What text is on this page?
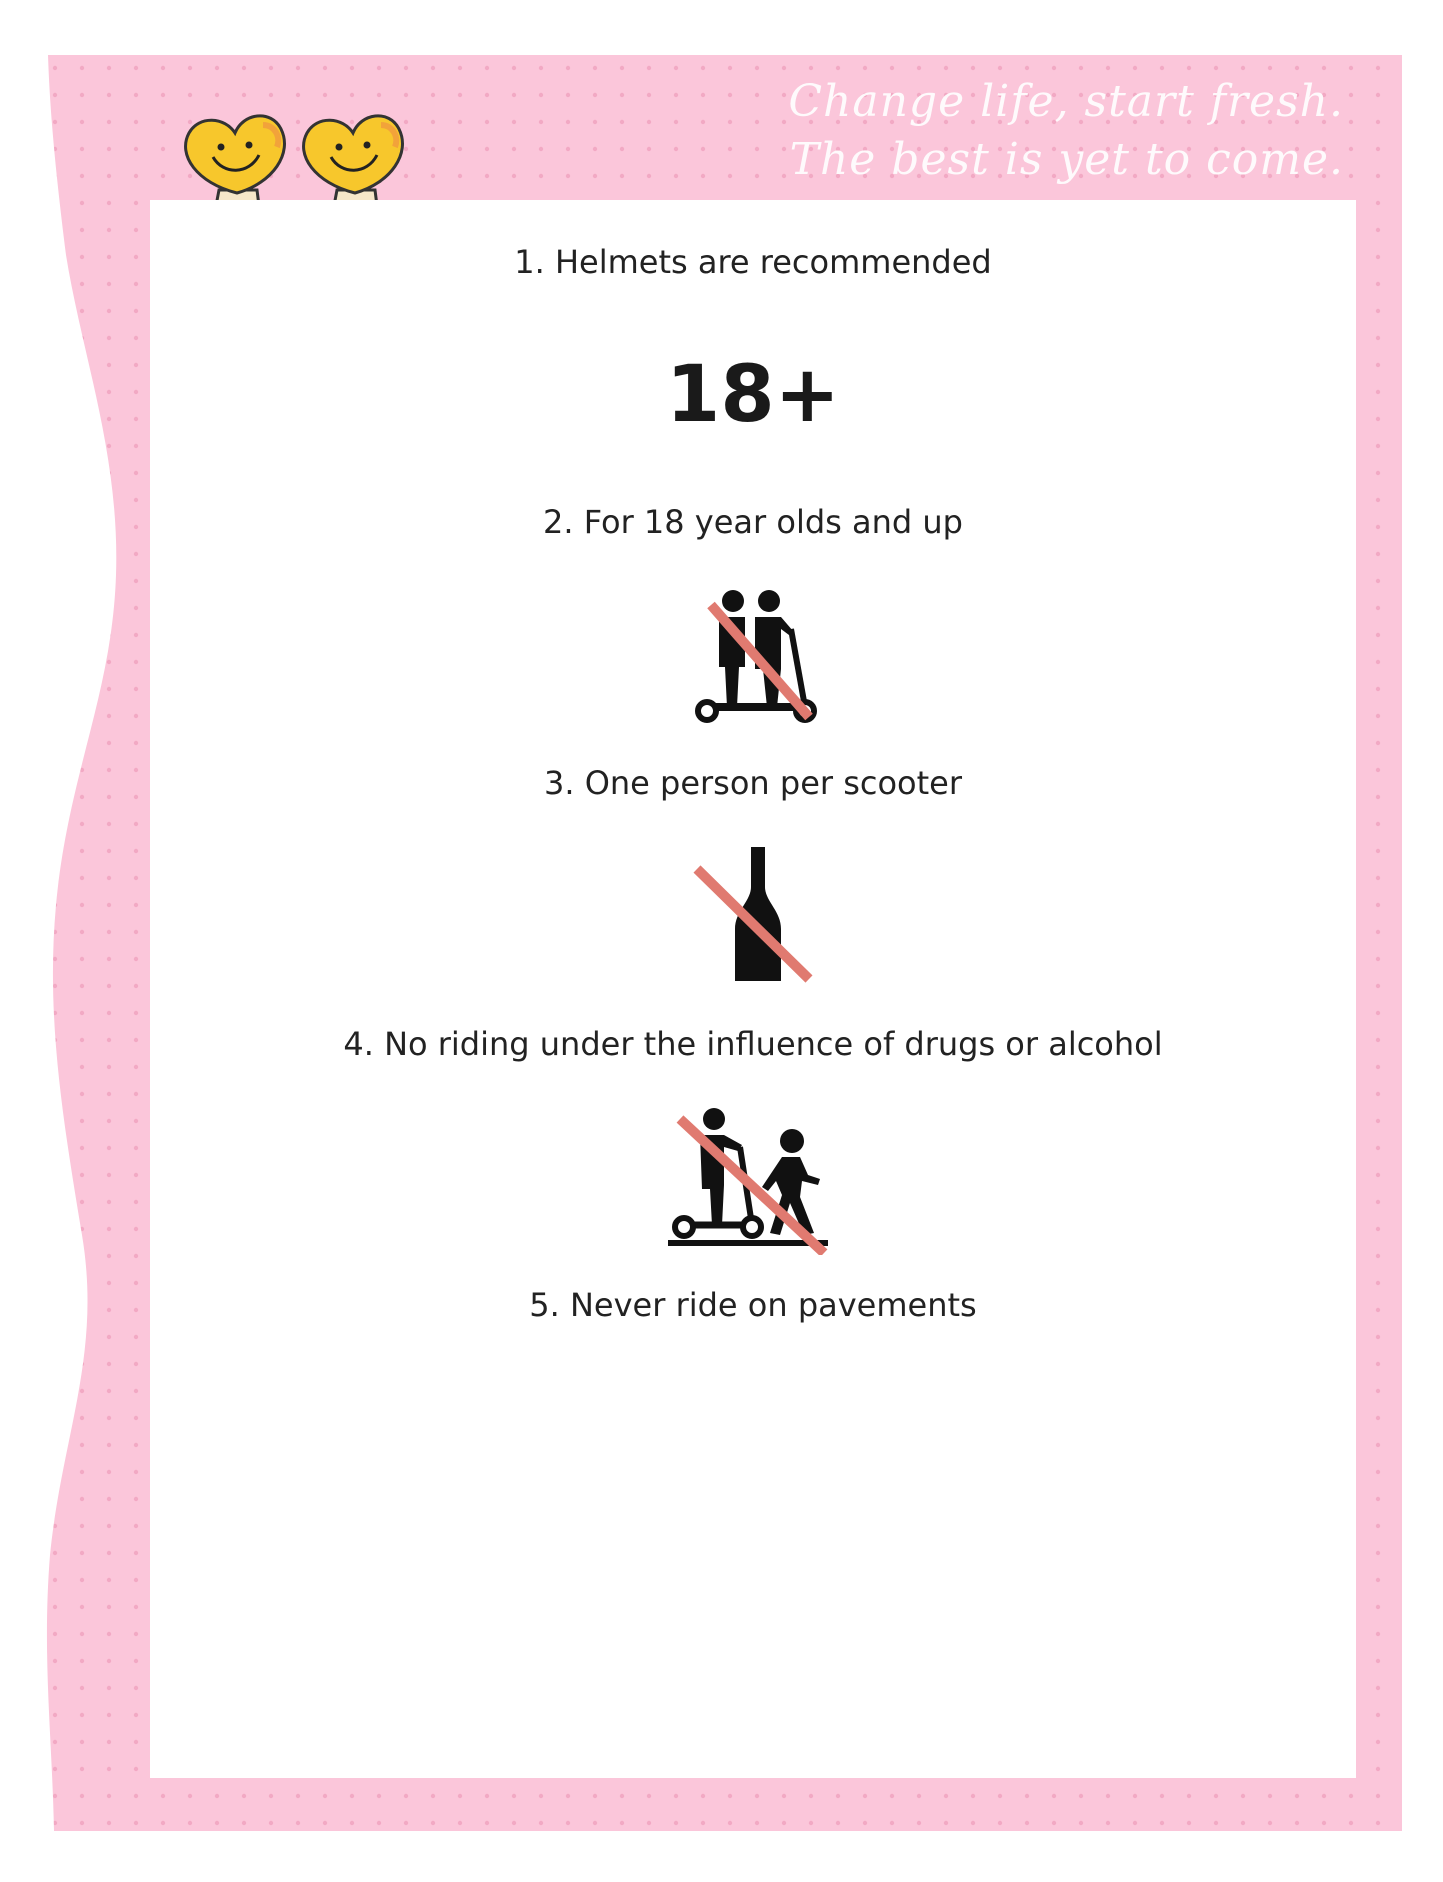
Change life, start fresh.
The best is yet to come.
1. Helmets are recommended
18+
2. For 18 year olds and up
3. One person per scooter
4. No riding under the influence of drugs or alcohol
5. Never ride on pavements
